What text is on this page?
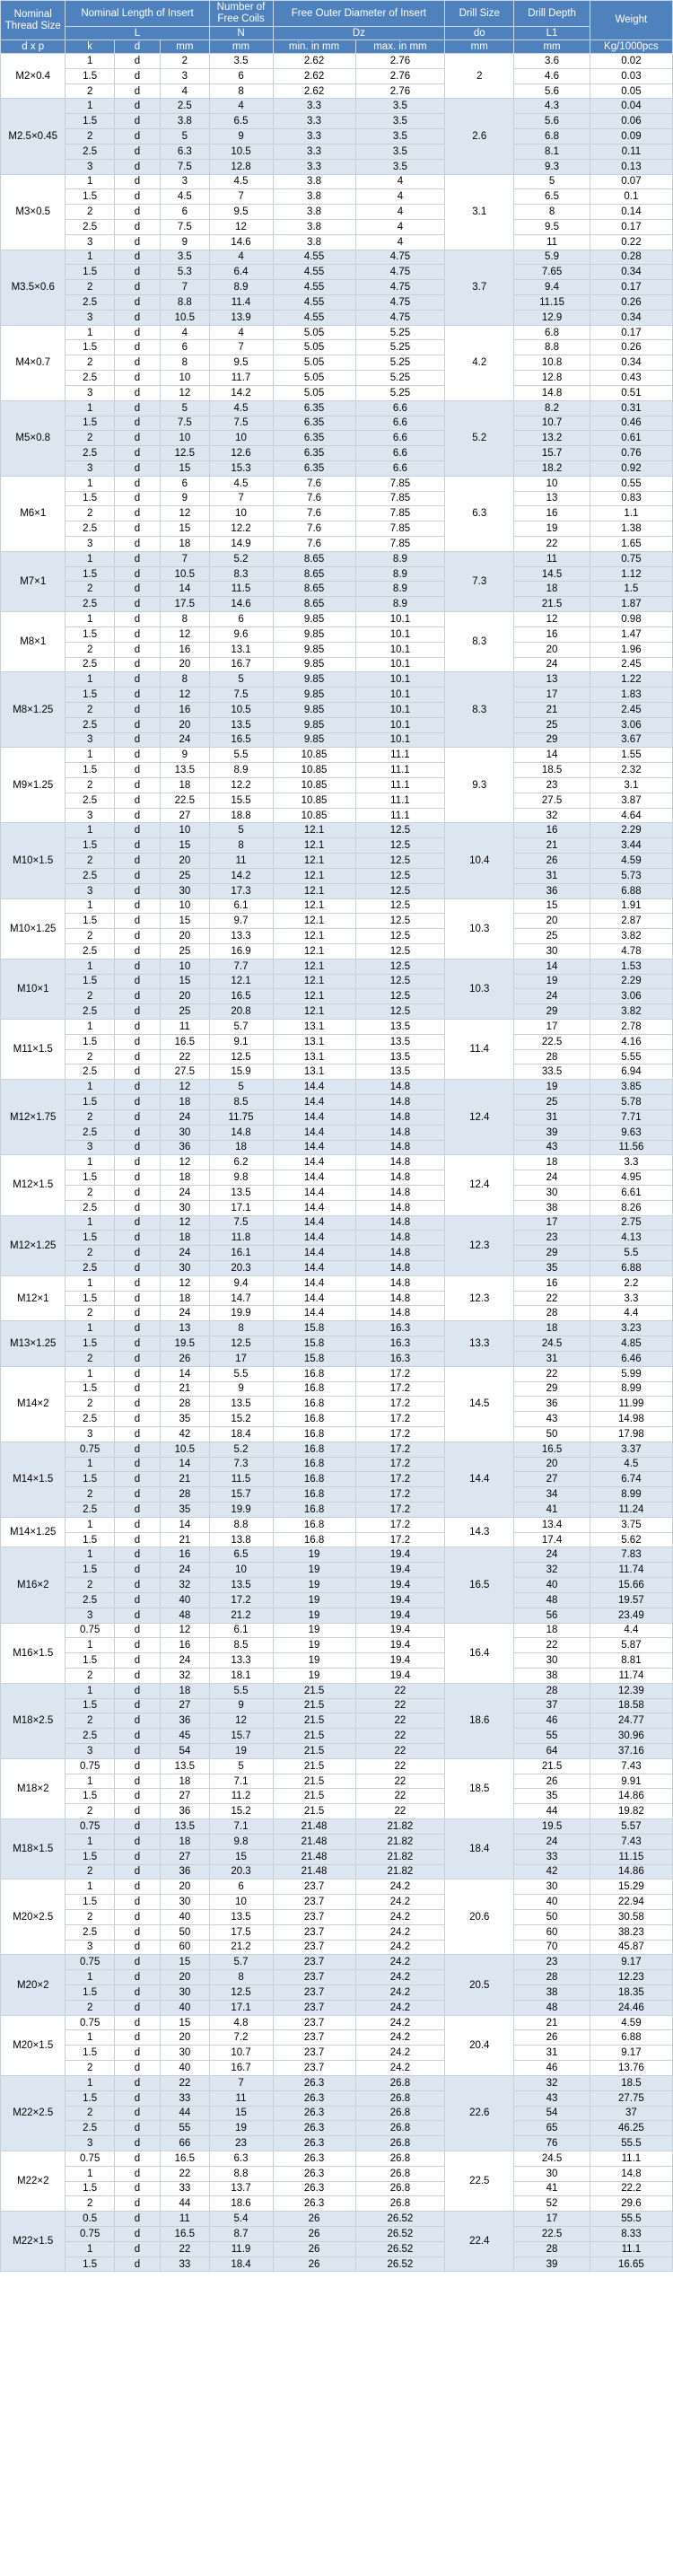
Nominal Thread Size	Nominal Length of Insert			Number of Free Coils	Free Outer Diameter of Insert		Drill Size	Drill Depth	Weight
	L			N	Dz		do	L1	
d x p	k	d	mm	mm	min. in mm	max. in mm	mm	mm	Kg/1000pcs
M2×0.4	1	d	2	3.5	2.62	2.76	2	3.6	0.02
	1.5	d	3	6	2.62	2.76		4.6	0.03
	2	d	4	8	2.62	2.76		5.6	0.05
M2.5×0.45	1	d	2.5	4	3.3	3.5	2.6	4.3	0.04
	1.5	d	3.8	6.5	3.3	3.5		5.6	0.06
	2	d	5	9	3.3	3.5		6.8	0.09
	2.5	d	6.3	10.5	3.3	3.5		8.1	0.11
	3	d	7.5	12.8	3.3	3.5		9.3	0.13
M3×0.5	1	d	3	4.5	3.8	4	3.1	5	0.07
	1.5	d	4.5	7	3.8	4		6.5	0.1
	2	d	6	9.5	3.8	4		8	0.14
	2.5	d	7.5	12	3.8	4		9.5	0.17
	3	d	9	14.6	3.8	4		11	0.22
M3.5×0.6	1	d	3.5	4	4.55	4.75	3.7	5.9	0.28
	1.5	d	5.3	6.4	4.55	4.75		7.65	0.34
	2	d	7	8.9	4.55	4.75		9.4	0.17
	2.5	d	8.8	11.4	4.55	4.75		11.15	0.26
	3	d	10.5	13.9	4.55	4.75		12.9	0.34
M4×0.7	1	d	4	4	5.05	5.25	4.2	6.8	0.17
	1.5	d	6	7	5.05	5.25		8.8	0.26
	2	d	8	9.5	5.05	5.25		10.8	0.34
	2.5	d	10	11.7	5.05	5.25		12.8	0.43
	3	d	12	14.2	5.05	5.25		14.8	0.51
M5×0.8	1	d	5	4.5	6.35	6.6	5.2	8.2	0.31
	1.5	d	7.5	7.5	6.35	6.6		10.7	0.46
	2	d	10	10	6.35	6.6		13.2	0.61
	2.5	d	12.5	12.6	6.35	6.6		15.7	0.76
	3	d	15	15.3	6.35	6.6		18.2	0.92
M6×1	1	d	6	4.5	7.6	7.85	6.3	10	0.55
	1.5	d	9	7	7.6	7.85		13	0.83
	2	d	12	10	7.6	7.85		16	1.1
	2.5	d	15	12.2	7.6	7.85		19	1.38
	3	d	18	14.9	7.6	7.85		22	1.65
M7×1	1	d	7	5.2	8.65	8.9	7.3	11	0.75
	1.5	d	10.5	8.3	8.65	8.9		14.5	1.12
	2	d	14	11.5	8.65	8.9		18	1.5
	2.5	d	17.5	14.6	8.65	8.9		21.5	1.87
M8×1	1	d	8	6	9.85	10.1	8.3	12	0.98
	1.5	d	12	9.6	9.85	10.1		16	1.47
	2	d	16	13.1	9.85	10.1		20	1.96
	2.5	d	20	16.7	9.85	10.1		24	2.45
M8×1.25	1	d	8	5	9.85	10.1	8.3	13	1.22
	1.5	d	12	7.5	9.85	10.1		17	1.83
	2	d	16	10.5	9.85	10.1		21	2.45
	2.5	d	20	13.5	9.85	10.1		25	3.06
	3	d	24	16.5	9.85	10.1		29	3.67
M9×1.25	1	d	9	5.5	10.85	11.1	9.3	14	1.55
	1.5	d	13.5	8.9	10.85	11.1		18.5	2.32
	2	d	18	12.2	10.85	11.1		23	3.1
	2.5	d	22.5	15.5	10.85	11.1		27.5	3.87
	3	d	27	18.8	10.85	11.1		32	4.64
M10×1.5	1	d	10	5	12.1	12.5	10.4	16	2.29
	1.5	d	15	8	12.1	12.5		21	3.44
	2	d	20	11	12.1	12.5		26	4.59
	2.5	d	25	14.2	12.1	12.5		31	5.73
	3	d	30	17.3	12.1	12.5		36	6.88
M10×1.25	1	d	10	6.1	12.1	12.5	10.3	15	1.91
	1.5	d	15	9.7	12.1	12.5		20	2.87
	2	d	20	13.3	12.1	12.5		25	3.82
	2.5	d	25	16.9	12.1	12.5		30	4.78
M10×1	1	d	10	7.7	12.1	12.5	10.3	14	1.53
	1.5	d	15	12.1	12.1	12.5		19	2.29
	2	d	20	16.5	12.1	12.5		24	3.06
	2.5	d	25	20.8	12.1	12.5		29	3.82
M11×1.5	1	d	11	5.7	13.1	13.5	11.4	17	2.78
	1.5	d	16.5	9.1	13.1	13.5		22.5	4.16
	2	d	22	12.5	13.1	13.5		28	5.55
	2.5	d	27.5	15.9	13.1	13.5		33.5	6.94
M12×1.75	1	d	12	5	14.4	14.8	12.4	19	3.85
	1.5	d	18	8.5	14.4	14.8		25	5.78
	2	d	24	11.75	14.4	14.8		31	7.71
	2.5	d	30	14.8	14.4	14.8		39	9.63
	3	d	36	18	14.4	14.8		43	11.56
M12×1.5	1	d	12	6.2	14.4	14.8	12.4	18	3.3
	1.5	d	18	9.8	14.4	14.8		24	4.95
	2	d	24	13.5	14.4	14.8		30	6.61
	2.5	d	30	17.1	14.4	14.8		38	8.26
M12×1.25	1	d	12	7.5	14.4	14.8	12.3	17	2.75
	1.5	d	18	11.8	14.4	14.8		23	4.13
	2	d	24	16.1	14.4	14.8		29	5.5
	2.5	d	30	20.3	14.4	14.8		35	6.88
M12×1	1	d	12	9.4	14.4	14.8	12.3	16	2.2
	1.5	d	18	14.7	14.4	14.8		22	3.3
	2	d	24	19.9	14.4	14.8		28	4.4
M13×1.25	1	d	13	8	15.8	16.3	13.3	18	3.23
	1.5	d	19.5	12.5	15.8	16.3		24.5	4.85
	2	d	26	17	15.8	16.3		31	6.46
M14×2	1	d	14	5.5	16.8	17.2	14.5	22	5.99
	1.5	d	21	9	16.8	17.2		29	8.99
	2	d	28	13.5	16.8	17.2		36	11.99
	2.5	d	35	15.2	16.8	17.2		43	14.98
	3	d	42	18.4	16.8	17.2		50	17.98
M14×1.5	0.75	d	10.5	5.2	16.8	17.2	14.4	16.5	3.37
	1	d	14	7.3	16.8	17.2		20	4.5
	1.5	d	21	11.5	16.8	17.2		27	6.74
	2	d	28	15.7	16.8	17.2		34	8.99
	2.5	d	35	19.9	16.8	17.2		41	11.24
M14×1.25	1	d	14	8.8	16.8	17.2	14.3	13.4	3.75
	1.5	d	21	13.8	16.8	17.2		17.4	5.62
M16×2	1	d	16	6.5	19	19.4	16.5	24	7.83
	1.5	d	24	10	19	19.4		32	11.74
	2	d	32	13.5	19	19.4		40	15.66
	2.5	d	40	17.2	19	19.4		48	19.57
	3	d	48	21.2	19	19.4		56	23.49
M16×1.5	0.75	d	12	6.1	19	19.4	16.4	18	4.4
	1	d	16	8.5	19	19.4		22	5.87
	1.5	d	24	13.3	19	19.4		30	8.81
	2	d	32	18.1	19	19.4		38	11.74
M18×2.5	1	d	18	5.5	21.5	22	18.6	28	12.39
	1.5	d	27	9	21.5	22		37	18.58
	2	d	36	12	21.5	22		46	24.77
	2.5	d	45	15.7	21.5	22		55	30.96
	3	d	54	19	21.5	22		64	37.16
M18×2	0.75	d	13.5	5	21.5	22	18.5	21.5	7.43
	1	d	18	7.1	21.5	22		26	9.91
	1.5	d	27	11.2	21.5	22		35	14.86
	2	d	36	15.2	21.5	22		44	19.82
M18×1.5	0.75	d	13.5	7.1	21.48	21.82	18.4	19.5	5.57
	1	d	18	9.8	21.48	21.82		24	7.43
	1.5	d	27	15	21.48	21.82		33	11.15
	2	d	36	20.3	21.48	21.82		42	14.86
M20×2.5	1	d	20	6	23.7	24.2	20.6	30	15.29
	1.5	d	30	10	23.7	24.2		40	22.94
	2	d	40	13.5	23.7	24.2		50	30.58
	2.5	d	50	17.5	23.7	24.2		60	38.23
	3	d	60	21.2	23.7	24.2		70	45.87
M20×2	0.75	d	15	5.7	23.7	24.2	20.5	23	9.17
	1	d	20	8	23.7	24.2		28	12.23
	1.5	d	30	12.5	23.7	24.2		38	18.35
	2	d	40	17.1	23.7	24.2		48	24.46
M20×1.5	0.75	d	15	4.8	23.7	24.2	20.4	21	4.59
	1	d	20	7.2	23.7	24.2		26	6.88
	1.5	d	30	10.7	23.7	24.2		31	9.17
	2	d	40	16.7	23.7	24.2		46	13.76
M22×2.5	1	d	22	7	26.3	26.8	22.6	32	18.5
	1.5	d	33	11	26.3	26.8		43	27.75
	2	d	44	15	26.3	26.8		54	37
	2.5	d	55	19	26.3	26.8		65	46.25
	3	d	66	23	26.3	26.8		76	55.5
M22×2	0.75	d	16.5	6.3	26.3	26.8	22.5	24.5	11.1
	1	d	22	8.8	26.3	26.8		30	14.8
	1.5	d	33	13.7	26.3	26.8		41	22.2
	2	d	44	18.6	26.3	26.8		52	29.6
M22×1.5	0.5	d	11	5.4	26	26.52	22.4	17	55.5
	0.75	d	16.5	8.7	26	26.52		22.5	8.33
	1	d	22	11.9	26	26.52		28	11.1
	1.5	d	33	18.4	26	26.52		39	16.65
